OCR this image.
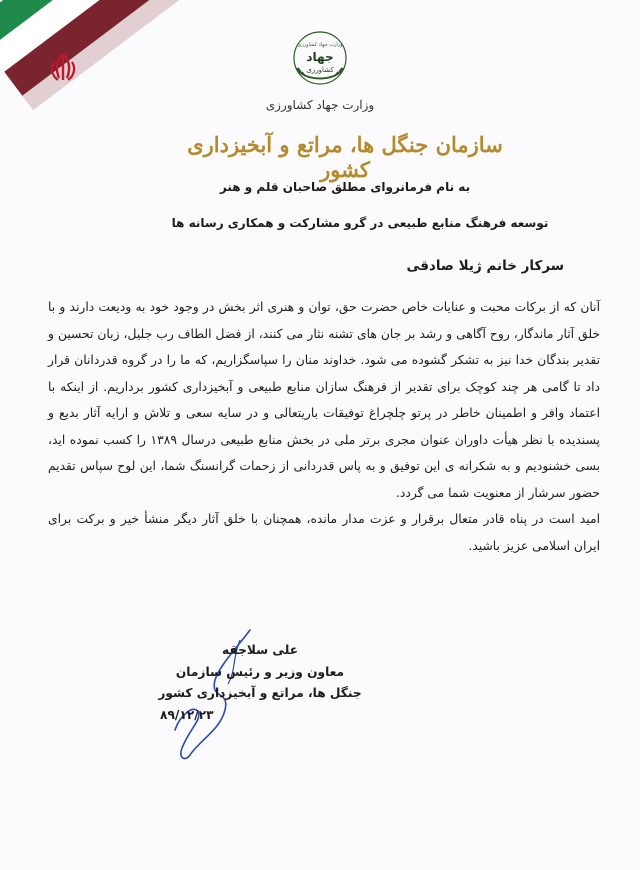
وزارت جهاد کشاورزی
جهاد
کشاورزی
وزارت جهاد کشاورزی
سازمان جنگل ها، مراتع و آبخیزداری کشور
به نام فرمانروای مطلق صاحبان قلم و هنر
توسعه فرهنگ منابع طبیعی در گرو مشارکت و همکاری رسانه ها
سرکار خانم ژیلا صادقی

آنان که از برکات محبت و عنایات خاص حضرت حق، توان و هنری اثر بخش در وجود خود به ودیعت دارند و با خلق آثار ماندگار، روح آگاهی و رشد بر جان های تشنه نثار می کنند، از فضل الطاف رب جلیل، زبان تحسین و تقدیر بندگان خدا نیز به تشکر گشوده می شود. خداوند منان را سپاسگزاریم، که ما را در گروه قدردانان قرار داد تا گامی هر چند کوچک برای تقدیر از فرهنگ سازان منابع طبیعی و آبخیزداری کشور برداریم. از اینکه با اعتماد وافر و اطمینان خاطر در پرتو چلچراغ توفیقات باریتعالی و در سایه سعی و تلاش و ارایه آثار بدیع و پسندیده با نظر هیأت داوران عنوان مجری برتر ملی در بخش منابع طبیعی درسال ۱۳۸۹ را کسب نموده اید، بسی خشنودیم و به شکرانه ی این توفیق و به پاس قدردانی از زحمات گرانسنگ شما، این لوح سپاس تقدیم حضور سرشار از معنویت شما می گردد.

امید است در پناه قادر متعال برقرار و عزت مدار مانده، همچنان با خلق آثار دیگر منشأ خیر و برکت برای ایران اسلامی عزیز باشید.

علی سلاجقه
معاون وزیر و رئیس سازمان
جنگل ها، مراتع و آبخیزداری کشور
۸۹/۱۲/۲۳
